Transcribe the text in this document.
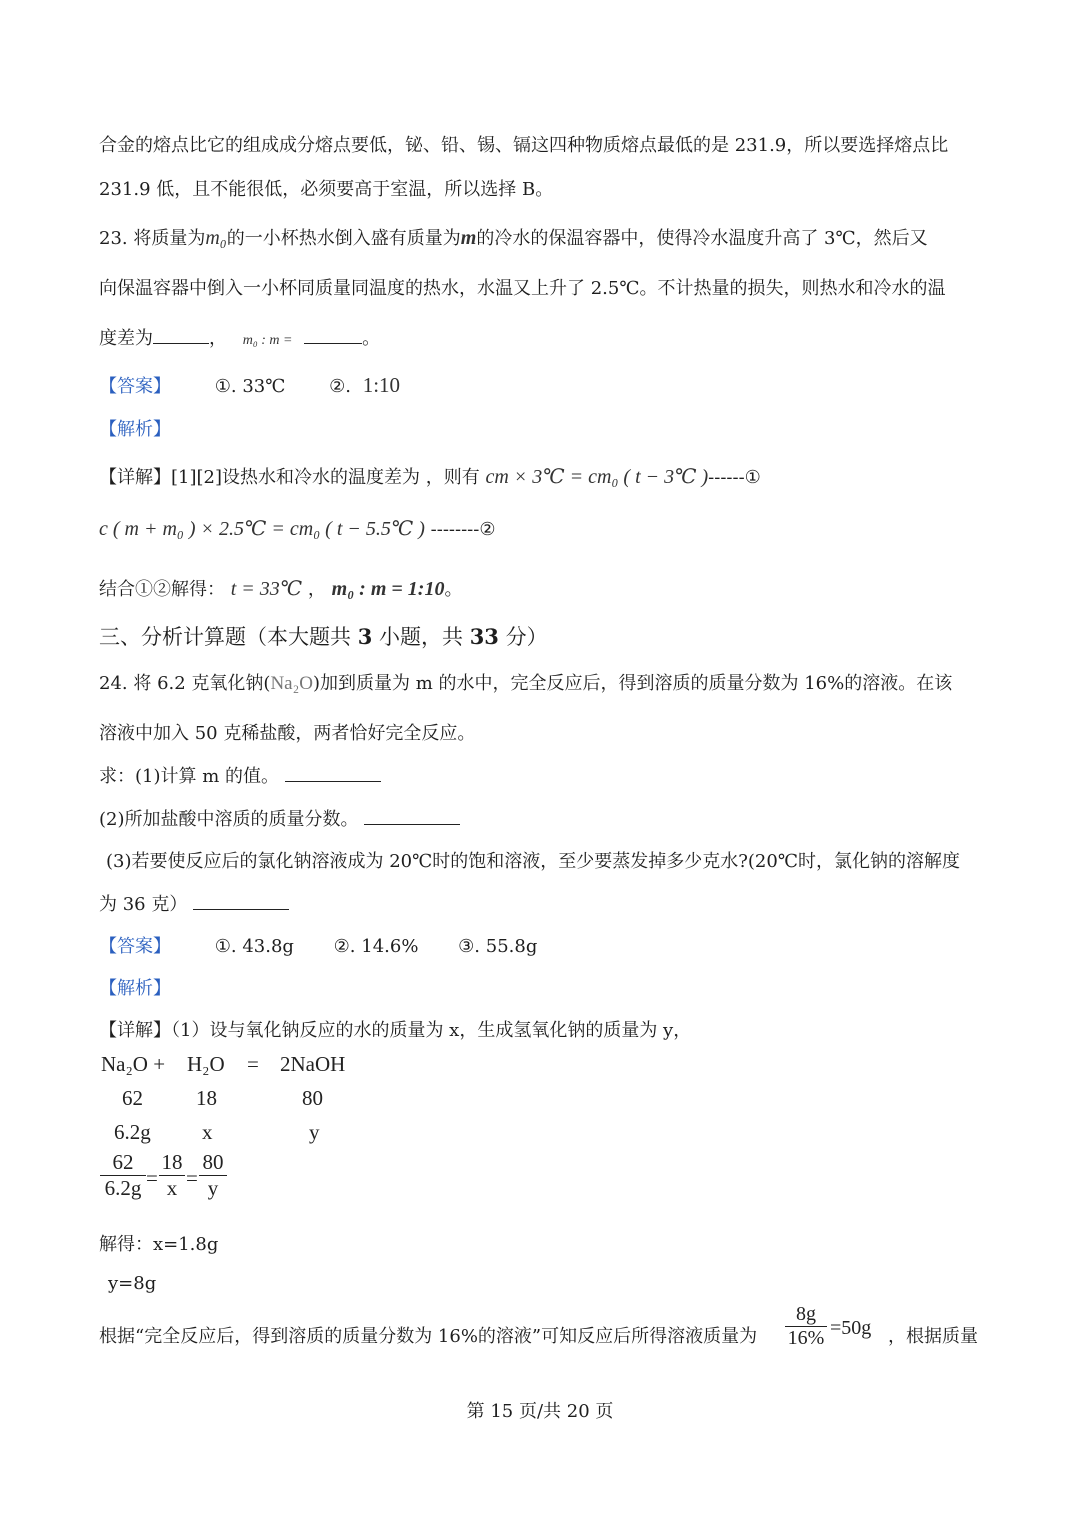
合金的熔点比它的组成成分熔点要低，铋、铅、锡、镉这四种物质熔点最低的是 231.9，所以要选择熔点比
231.9 低，且不能很低，必须要高于室温，所以选择 B。
23. 将质量为m₀的一小杯热水倒入盛有质量为m的冷水的保温容器中，使得冷水温度升高了 3℃，然后又
向保温容器中倒入一小杯同质量同温度的热水，水温又上升了 2.5℃。不计热量的损失，则热水和冷水的温
度差为	， m₀ : m =	。
【答案】 ①. 33℃ ②. 1:10
【解析】
【详解】[1][2]设热水和冷水的温度差为 ，则有 cm × 3℃ = cm₀ ( t − 3℃ )------①
c ( m + m₀ ) × 2.5℃ = cm₀ ( t − 5.5℃ ) --------②
结合①②解得： t = 33℃ ， m₀ : m = 1:10。
三、分析计算题（本大题共 3 小题，共 33 分）
24. 将 6.2 克氧化钠(Na₂O)加到质量为 m 的水中，完全反应后，得到溶质的质量分数为 16%的溶液。在该
溶液中加入 50 克稀盐酸，两者恰好完全反应。
求：(1)计算 m 的值。
(2)所加盐酸中溶质的质量分数。
(3)若要使反应后的氯化钠溶液成为 20℃时的饱和溶液，至少要蒸发掉多少克水?(20℃时，氯化钠的溶解度
为 36 克）
【答案】 ①. 43.8g ②. 14.6% ③. 55.8g
【解析】
【详解】（1）设与氧化钠反应的水的质量为 x，生成氢氧化钠的质量为 y，
Na₂O + H₂O = 2NaOH
62	18	80
6.2g x	y
$\frac{62}{6.2g} = \frac{18}{x} = \frac{80}{y}$
解得：x=1.8g
y=8g
根据“完全反应后，得到溶质的质量分数为 16%的溶液”可知反应后所得溶液质量为 $\frac{8g}{16\%} =50g$ ，根据质量
第 15 页/共 20 页
